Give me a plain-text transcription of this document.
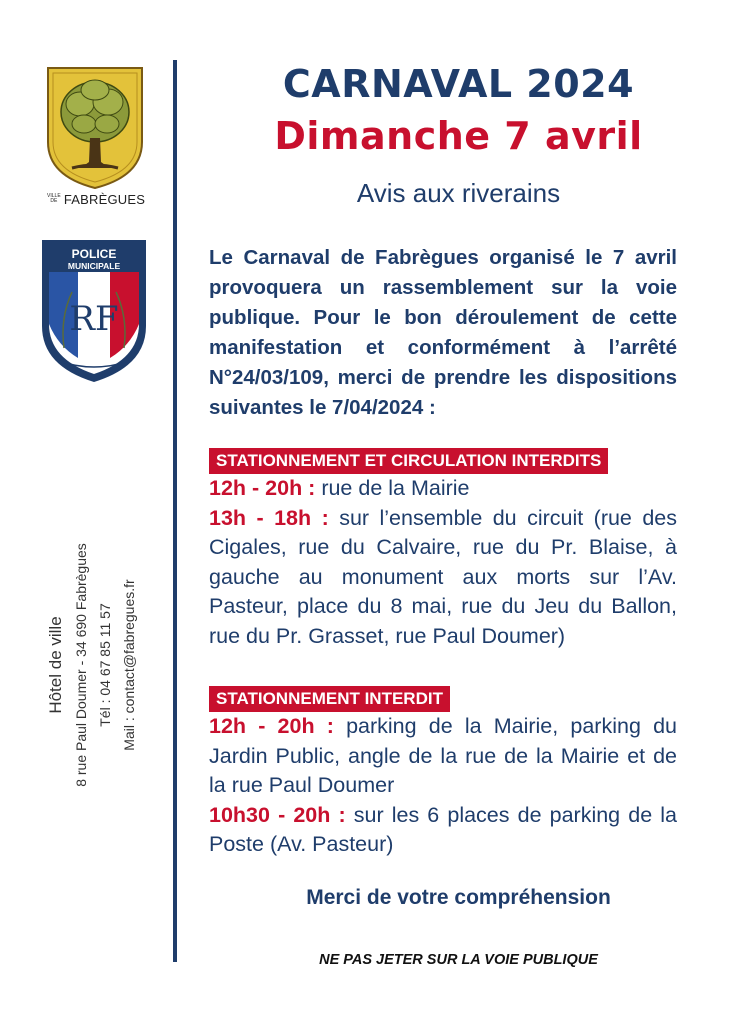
VILLE DE FABRÈGUES
POLICE
MUNICIPALE
RF
Hôtel de ville 8 rue Paul Doumer - 34 690 Fabrègues Tél : 04 67 85 11 57 Mail : contact@fabregues.fr
CARNAVAL 2024
Dimanche 7 avril
Avis aux riverains
Le Carnaval de Fabrègues organisé le 7 avril provoquera un rassemblement sur la voie publique. Pour le bon déroulement de cette manifestation et conformément à l’arrêté N°24/03/109, merci de prendre les dispositions suivantes le 7/04/2024 :
STATIONNEMENT ET CIRCULATION INTERDITS
12h - 20h : rue de la Mairie
13h - 18h : sur l’ensemble du circuit (rue des Cigales, rue du Calvaire, rue du Pr. Blaise, à gauche au monument aux morts sur l’Av. Pasteur, place du 8 mai, rue du Jeu du Ballon, rue du Pr. Grasset, rue Paul Doumer)
STATIONNEMENT INTERDIT
12h - 20h : parking de la Mairie, parking du Jardin Public, angle de la rue de la Mairie et de la rue Paul Doumer
10h30 - 20h : sur les 6 places de parking de la Poste (Av. Pasteur)
Merci de votre compréhension
NE PAS JETER SUR LA VOIE PUBLIQUE
